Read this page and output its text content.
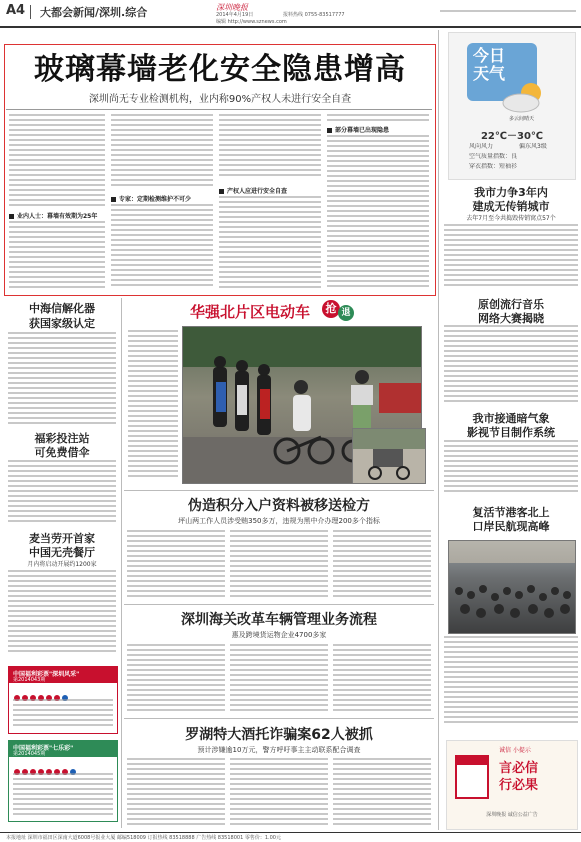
A4 大都会新闻/深圳.综合	深圳晚报
2014年4月19日
编辑 http://www.sznews.com
报料热线 0755-83517777
玻璃幕墙老化安全隐患增高
深圳尚无专业检测机构，业内称90%产权人未进行安全自查
业内人士：幕墙有效期为25年
专家：定期检测维护不可少
产权人应进行安全自查
部分幕墙已出现隐患
今日
天气
多云间晴天
22℃－30℃
风向风力	偏东风3级
空气质量指数：良
穿衣指数：短袖衫
我市力争3年内
建成无传销城市
去年7月至今共捣毁传销窝点57个
原创流行音乐
网络大赛揭晓
我市接通暗气象
影视节目制作系统
复活节港客北上
口岸民航现高峰
诚信 小提示
言必信
行必果
深圳晚报 诚信公益广告
中海信解化器
获国家级认定
福彩投注站
可免费借伞
麦当劳开首家
中国无壳餐厅
月内将启动开展约1200家
中国福利彩票"深圳风采"
第2014043期
中国福利彩票"七乐彩"
第2014045期
华强北片区电动车	抢 退
伪造积分入户资料被移送检方
坪山两工作人员涉受贿350多万，违规为黑中介办理200多个指标
深圳海关改革车辆管理业务流程
惠及跨境货运物企业4700多家
罗湖特大酒托诈骗案62人被抓
预计涉嫌逾10万元，警方呼吁事主主动联系配合调查
本报地址 深圳市福田区深南大道6008号报业大厦 邮编518009 订报热线 83518888 广告热线 83518001 零售价：1.00元
